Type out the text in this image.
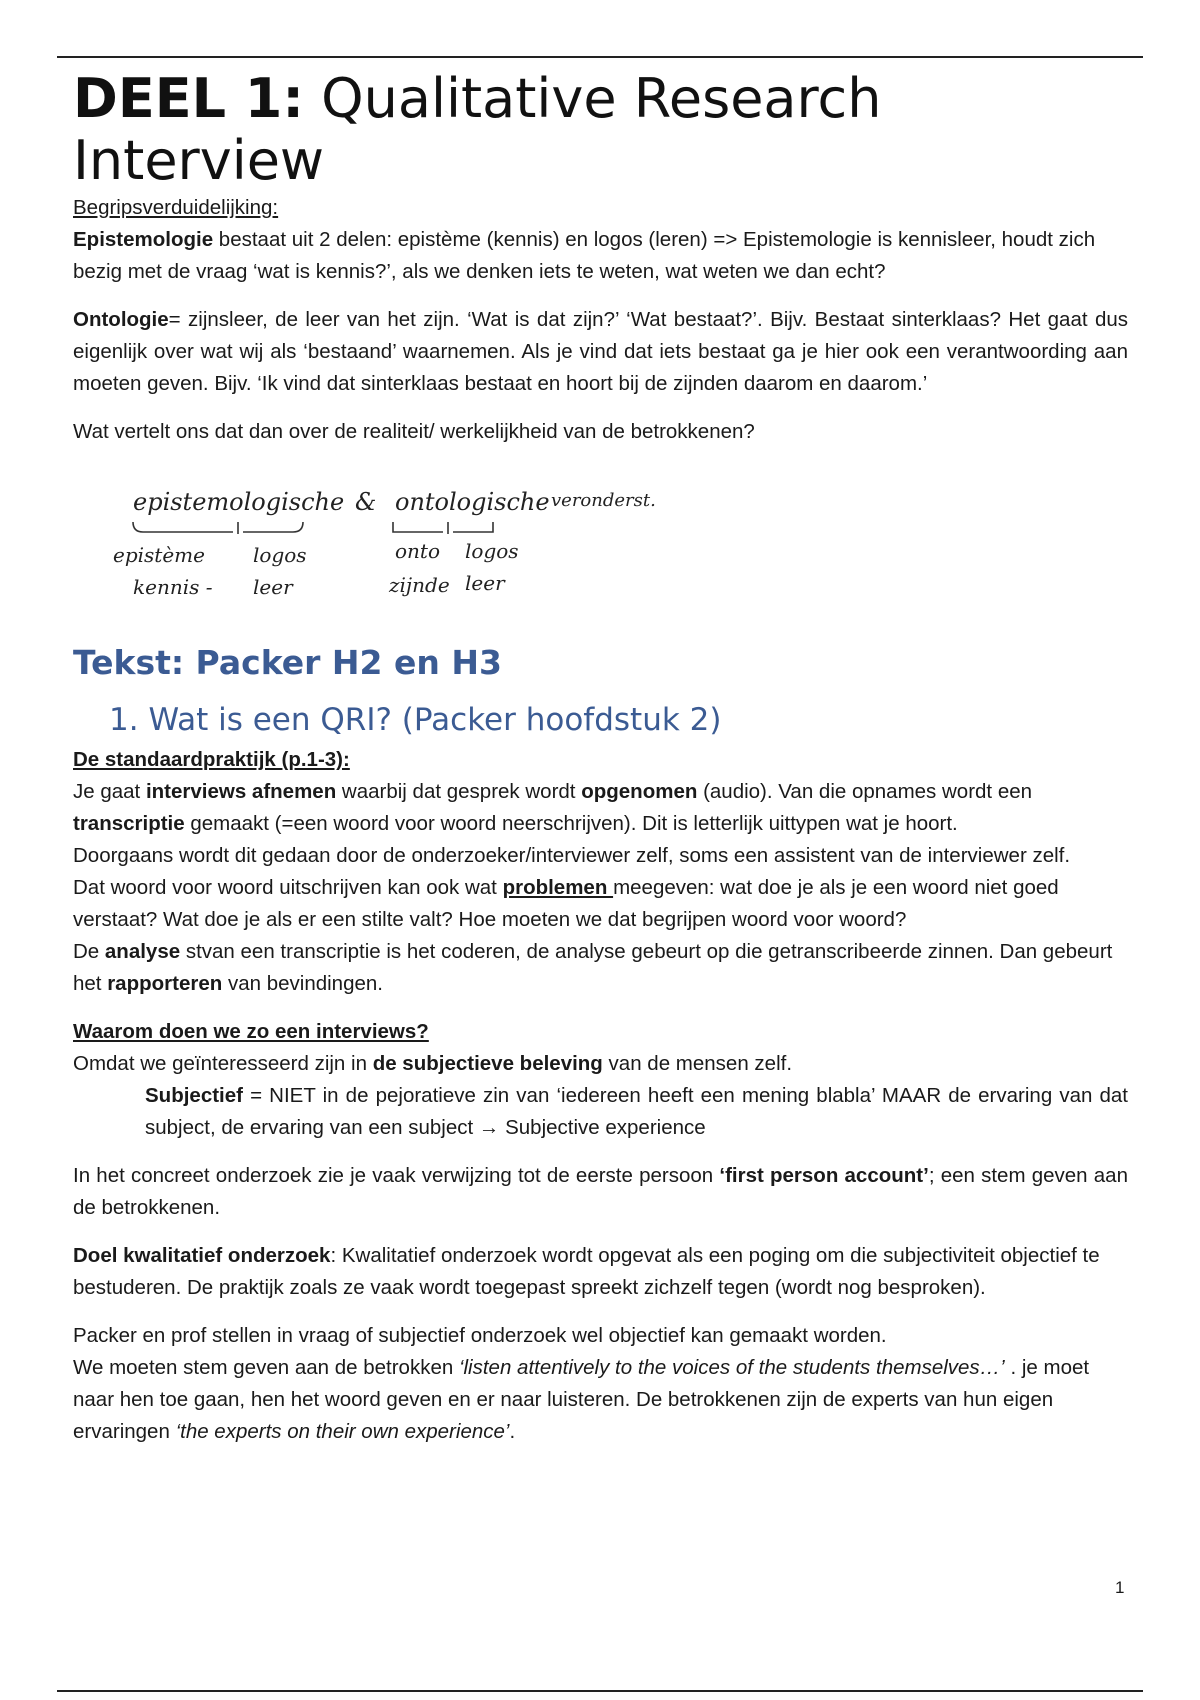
DEEL 1: Qualitative Research Interview

Begripsverduidelijking:

Epistemologie bestaat uit 2 delen: epistème (kennis) en logos (leren) => Epistemologie is kennisleer, houdt zich bezig met de vraag ‘wat is kennis?’, als we denken iets te weten, wat weten we dan echt?

Ontologie= zijnsleer, de leer van het zijn. ‘Wat is dat zijn?’ ‘Wat bestaat?’. Bijv. Bestaat sinterklaas? Het gaat dus eigenlijk over wat wij als ‘bestaand’ waarnemen. Als je vind dat iets bestaat ga je hier ook een verantwoording aan moeten geven. Bijv. ‘Ik vind dat sinterklaas bestaat en hoort bij de zijnden daarom en daarom.’

Wat vertelt ons dat dan over de realiteit/ werkelijkheid van de betrokkenen?

epistemologische & ontologische veronderst.
epistème logos	onto logos
kennis - leer	zijnde leer
Tekst: Packer H2 en H3
1. Wat is een QRI? (Packer hoofdstuk 2)

De standaardpraktijk (p.1-3):

Je gaat interviews afnemen waarbij dat gesprek wordt opgenomen (audio). Van die opnames wordt een transcriptie gemaakt (=een woord voor woord neerschrijven). Dit is letterlijk uittypen wat je hoort.

Doorgaans wordt dit gedaan door de onderzoeker/interviewer zelf, soms een assistent van de interviewer zelf.

Dat woord voor woord uitschrijven kan ook wat problemen meegeven: wat doe je als je een woord niet goed verstaat? Wat doe je als er een stilte valt? Hoe moeten we dat begrijpen woord voor woord?

De analyse stvan een transcriptie is het coderen, de analyse gebeurt op die getranscribeerde zinnen. Dan gebeurt het rapporteren van bevindingen.

Waarom doen we zo een interviews?

Omdat we geïnteresseerd zijn in de subjectieve beleving van de mensen zelf.

Subjectief = NIET in de pejoratieve zin van ‘iedereen heeft een mening blabla’ MAAR de ervaring van dat subject, de ervaring van een subject → Subjective experience

In het concreet onderzoek zie je vaak verwijzing tot de eerste persoon ‘first person account’; een stem geven aan de betrokkenen.

Doel kwalitatief onderzoek: Kwalitatief onderzoek wordt opgevat als een poging om die subjectiviteit objectief te bestuderen. De praktijk zoals ze vaak wordt toegepast spreekt zichzelf tegen (wordt nog besproken).

Packer en prof stellen in vraag of subjectief onderzoek wel objectief kan gemaakt worden.

We moeten stem geven aan de betrokken ‘listen attentively to the voices of the students themselves…’ . je moet naar hen toe gaan, hen het woord geven en er naar luisteren. De betrokkenen zijn de experts van hun eigen ervaringen ‘the experts on their own experience’.

1
